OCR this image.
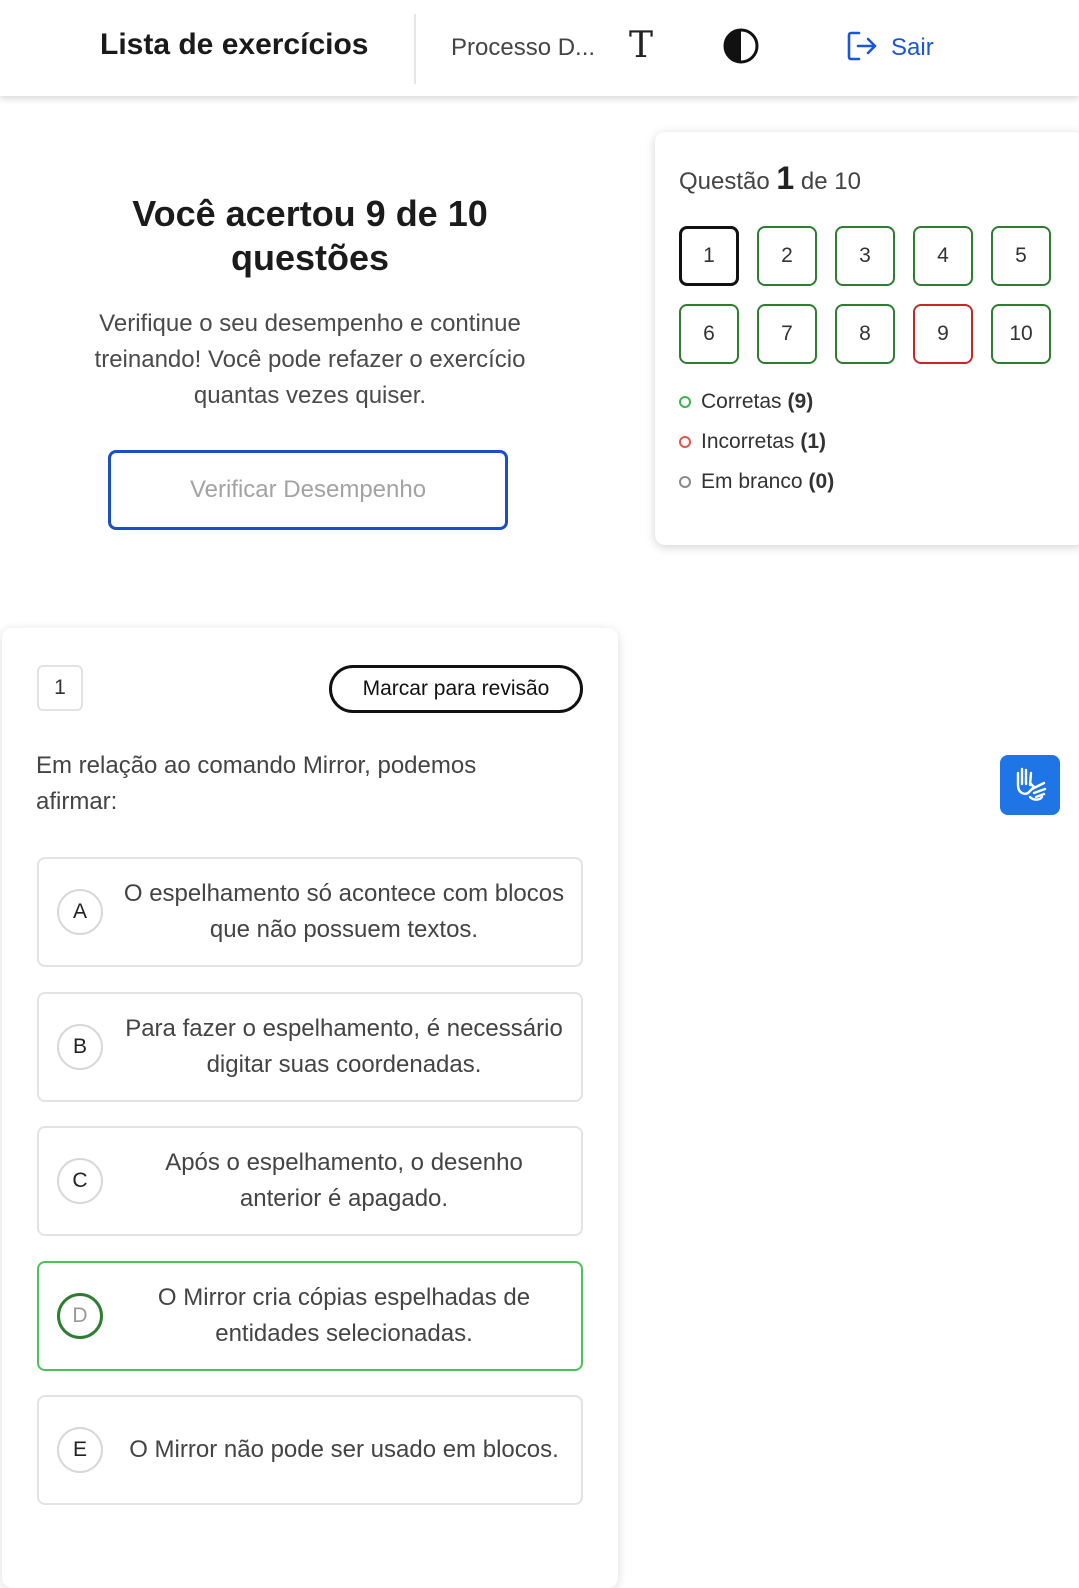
Lista de exercícios	Processo D... T	Sair
Você acertou 9 de 10 questões
Verifique o seu desempenho e continue treinando! Você pode refazer o exercício quantas vezes quiser.
Verificar Desempenho
Questão 1 de 10
1	2	3	4	5
6	7	8	9	10
Corretas (9)
Incorretas (1)
Em branco (0)
1	Marcar para revisão
Em relação ao comando Mirror, podemos afirmar:
A
O espelhamento só acontece com blocos que não possuem textos.
B
Para fazer o espelhamento, é necessário digitar suas coordenadas.
C
Após o espelhamento, o desenho anterior é apagado.
D
O Mirror cria cópias espelhadas de entidades selecionadas.
E	O Mirror não pode ser usado em blocos.
